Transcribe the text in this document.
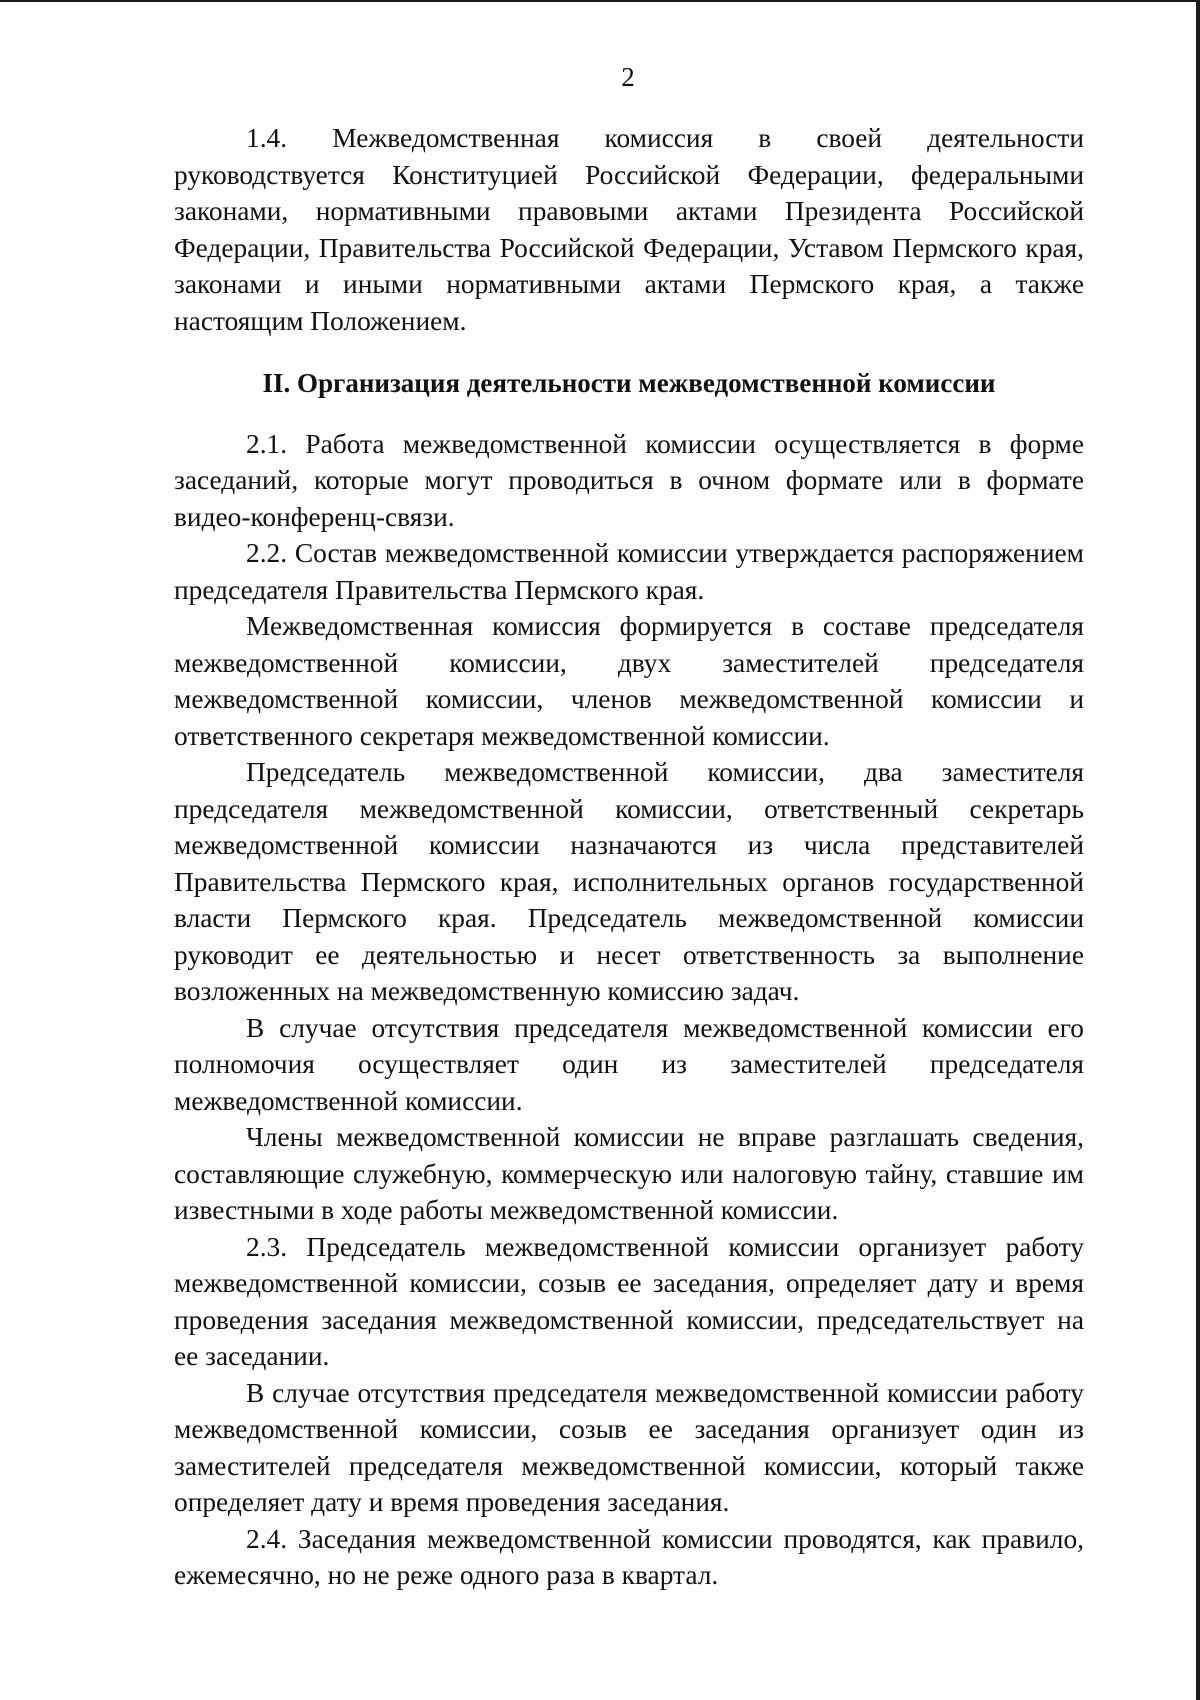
2

1.4. Межведомственная комиссия в своей деятельности руководствуется Конституцией Российской Федерации, федеральными законами, нормативными правовыми актами Президента Российской Федерации, Правительства Российской Федерации, Уставом Пермского края, законами и иными нормативными актами Пермского края, а также настоящим Положением.

II. Организация деятельности межведомственной комиссии

2.1. Работа межведомственной комиссии осуществляется в форме заседаний, которые могут проводиться в очном формате или в формате видео-конференц-связи.

2.2. Состав межведомственной комиссии утверждается распоряжением председателя Правительства Пермского края.

Межведомственная комиссия формируется в составе председателя межведомственной комиссии, двух заместителей председателя межведомственной комиссии, членов межведомственной комиссии и ответственного секретаря межведомственной комиссии.

Председатель межведомственной комиссии, два заместителя председателя межведомственной комиссии, ответственный секретарь межведомственной комиссии назначаются из числа представителей Правительства Пермского края, исполнительных органов государственной власти Пермского края. Председатель межведомственной комиссии руководит ее деятельностью и несет ответственность за выполнение возложенных на межведомственную комиссию задач.

В случае отсутствия председателя межведомственной комиссии его полномочия осуществляет один из заместителей председателя межведомственной комиссии.

Члены межведомственной комиссии не вправе разглашать сведения, составляющие служебную, коммерческую или налоговую тайну, ставшие им известными в ходе работы межведомственной комиссии.

2.3. Председатель межведомственной комиссии организует работу межведомственной комиссии, созыв ее заседания, определяет дату и время проведения заседания межведомственной комиссии, председательствует на ее заседании.

В случае отсутствия председателя межведомственной комиссии работу межведомственной комиссии, созыв ее заседания организует один из заместителей председателя межведомственной комиссии, который также определяет дату и время проведения заседания.

2.4. Заседания межведомственной комиссии проводятся, как правило, ежемесячно, но не реже одного раза в квартал.
